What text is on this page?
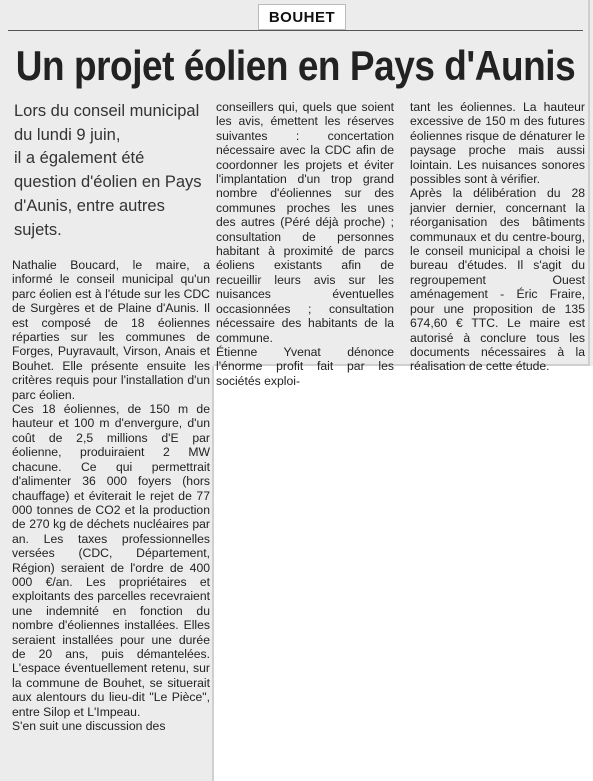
BOUHET
Un projet éolien en Pays d'Aunis

Lors du conseil municipal

du lundi 9 juin,

il a également été

question d'éolien en Pays

d'Aunis, entre autres

sujets.

Nathalie Boucard, le maire, a informé le conseil municipal qu'un parc éolien est à l'étude sur les CDC de Surgères et de Plaine d'Aunis. Il est composé de 18 éoliennes réparties sur les communes de Forges, Puyravault, Virson, Anais et Bouhet. Elle présente ensuite les critères requis pour l'installation d'un parc éolien.

Ces 18 éoliennes, de 150 m de hauteur et 100 m d'envergure, d'un coût de 2,5 millions d'E par éolienne, produiraient 2 MW chacune. Ce qui permettrait d'alimenter 36 000 foyers (hors chauffage) et éviterait le rejet de 77 000 tonnes de CO2 et la production de 270 kg de déchets nucléaires par an. Les taxes professionnelles versées (CDC, Département, Région) seraient de l'ordre de 400 000 €/an. Les propriétaires et exploitants des parcelles recevraient une indemnité en fonction du nombre d'éoliennes installées. Elles seraient installées pour une durée de 20 ans, puis démantelées. L'espace éventuellement retenu, sur la commune de Bouhet, se situerait aux alentours du lieu-dit "Le Pièce", entre Silop et L'Impeau.

S'en suit une discussion des

conseillers qui, quels que soient les avis, émettent les réserves suivantes : concertation nécessaire avec la CDC afin de coordonner les projets et éviter l'implantation d'un trop grand nombre d'éoliennes sur des communes proches les unes des autres (Péré déjà proche) ; consultation de personnes habitant à proximité de parcs éoliens existants afin de recueillir leurs avis sur les nuisances éventuelles occasionnées ; consultation nécessaire des habitants de la commune.

Étienne Yvenat dénonce l'énorme profit fait par les sociétés exploi-

tant les éoliennes. La hauteur excessive de 150 m des futures éoliennes risque de dénaturer le paysage proche mais aussi lointain. Les nuisances sonores possibles sont à vérifier.

Après la délibération du 28 janvier dernier, concernant la réorganisation des bâtiments communaux et du centre-bourg, le conseil municipal a choisi le bureau d'études. Il s'agit du regroupement Ouest aménagement - Éric Fraire, pour une proposition de 135 674,60 € TTC. Le maire est autorisé à conclure tous les documents nécessaires à la réalisation de cette étude.
